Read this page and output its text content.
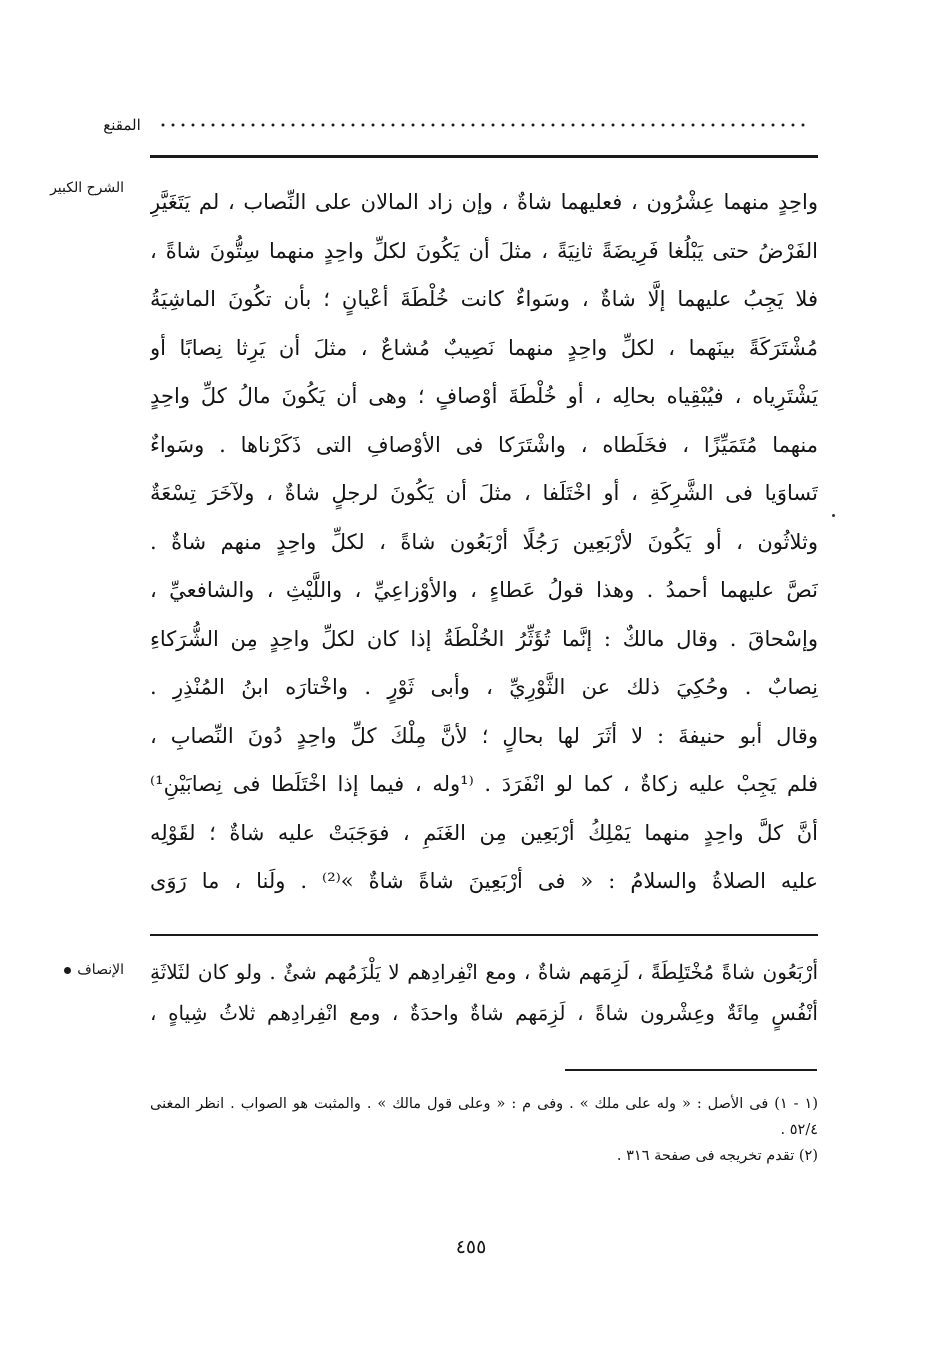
المقنع
الشرح الكبير
واحِدٍ منهما عِشْرُون ، فعليهما شاةٌ ، وإن زاد المالان على النِّصاب ، لم يَتَغَيَّرِ
الفَرْضُ حتى يَبْلُغا فَرِيضَةً ثانِيَةً ، مثلَ أن يَكُونَ لكلِّ واحِدٍ منهما سِتُّونَ شاةً ،
فلا يَجِبُ عليهما إلَّا شاةٌ ، وسَواءٌ كانت خُلْطَةَ أعْيانٍ ؛ بأن تكُونَ الماشِيَةُ
مُشْتَرَكَةً بينَهما ، لكلِّ واحِدٍ منهما نَصِيبٌ مُشاعٌ ، مثلَ أن يَرِثا نِصابًا أو
يَشْتَرِياه ، فيُبْقِياه بحالِه ، أو خُلْطَةَ أوْصافٍ ؛ وهى أن يَكُونَ مالُ كلِّ واحِدٍ
منهما مُتَمَيِّزًا ، فخَلَطاه ، واشْتَرَكا فى الأوْصافِ التى ذَكَرْناها . وسَواءٌ
تَساوَيا فى الشَّرِكَةِ ، أو اخْتَلَفا ، مثلَ أن يَكُونَ لرجلٍ شاةٌ ، ولآخَرَ تِسْعَةٌ
وثلاثُون ، أو يَكُونَ لأرْبَعِين رَجُلًا أرْبَعُون شاةً ، لكلِّ واحِدٍ منهم شاةٌ .
نَصَّ عليهما أحمدُ . وهذا قولُ عَطاءٍ ، والأوْزاعِيِّ ، واللَّيْثِ ، والشافعيِّ ،
وإسْحاقَ . وقال مالكٌ : إنَّما تُؤَثِّرُ الخُلْطَةُ إذا كان لكلِّ واحِدٍ مِن الشُّرَكاءِ
نِصابٌ . وحُكِيَ ذلك عن الثَّوْرِيِّ ، وأبى ثَوْرٍ . واخْتارَه ابنُ المُنْذِرِ .
وقال أبو حنيفةَ : لا أثَرَ لها بحالٍ ؛ لأنَّ مِلْكَ كلِّ واحِدٍ دُونَ النِّصابِ ،
فلم يَجِبْ عليه زكاةٌ ، كما لو انْفَرَدَ . ⁽¹وله ، فيما إذا اخْتَلَطا فى نِصابَيْنِ¹⁾
أنَّ كلَّ واحِدٍ منهما يَمْلِكُ أرْبَعِين مِن الغَنَمِ ، فوَجَبَتْ عليه شاةٌ ؛ لقَوْلِه
عليه الصلاةُ والسلامُ : « فى أرْبَعِينَ شاةً شاةٌ »⁽²⁾ . ولَنا ، ما رَوَى
الإنصاف أرْبَعُون شاةً مُخْتَلِطَةً ، لَزِمَهم شاةٌ ، ومع انْفِرادِهم لا يَلْزَمُهم شئٌ . ولو كان لثَلاثَةِ
أنْفُسٍ مِائَةٌ وعِشْرون شاةً ، لَزِمَهم شاةٌ واحدَةٌ ، ومع انْفِرادِهم ثلاثُ شِياهٍ ،
(١ - ١) فى الأصل : « وله على ملك » . وفى م : « وعلى قول مالك » . والمثبت هو الصواب . انظر المغنى
٥٢/٤ .
(٢) تقدم تخريجه فى صفحة ٣١٦ .
٤٥٥
